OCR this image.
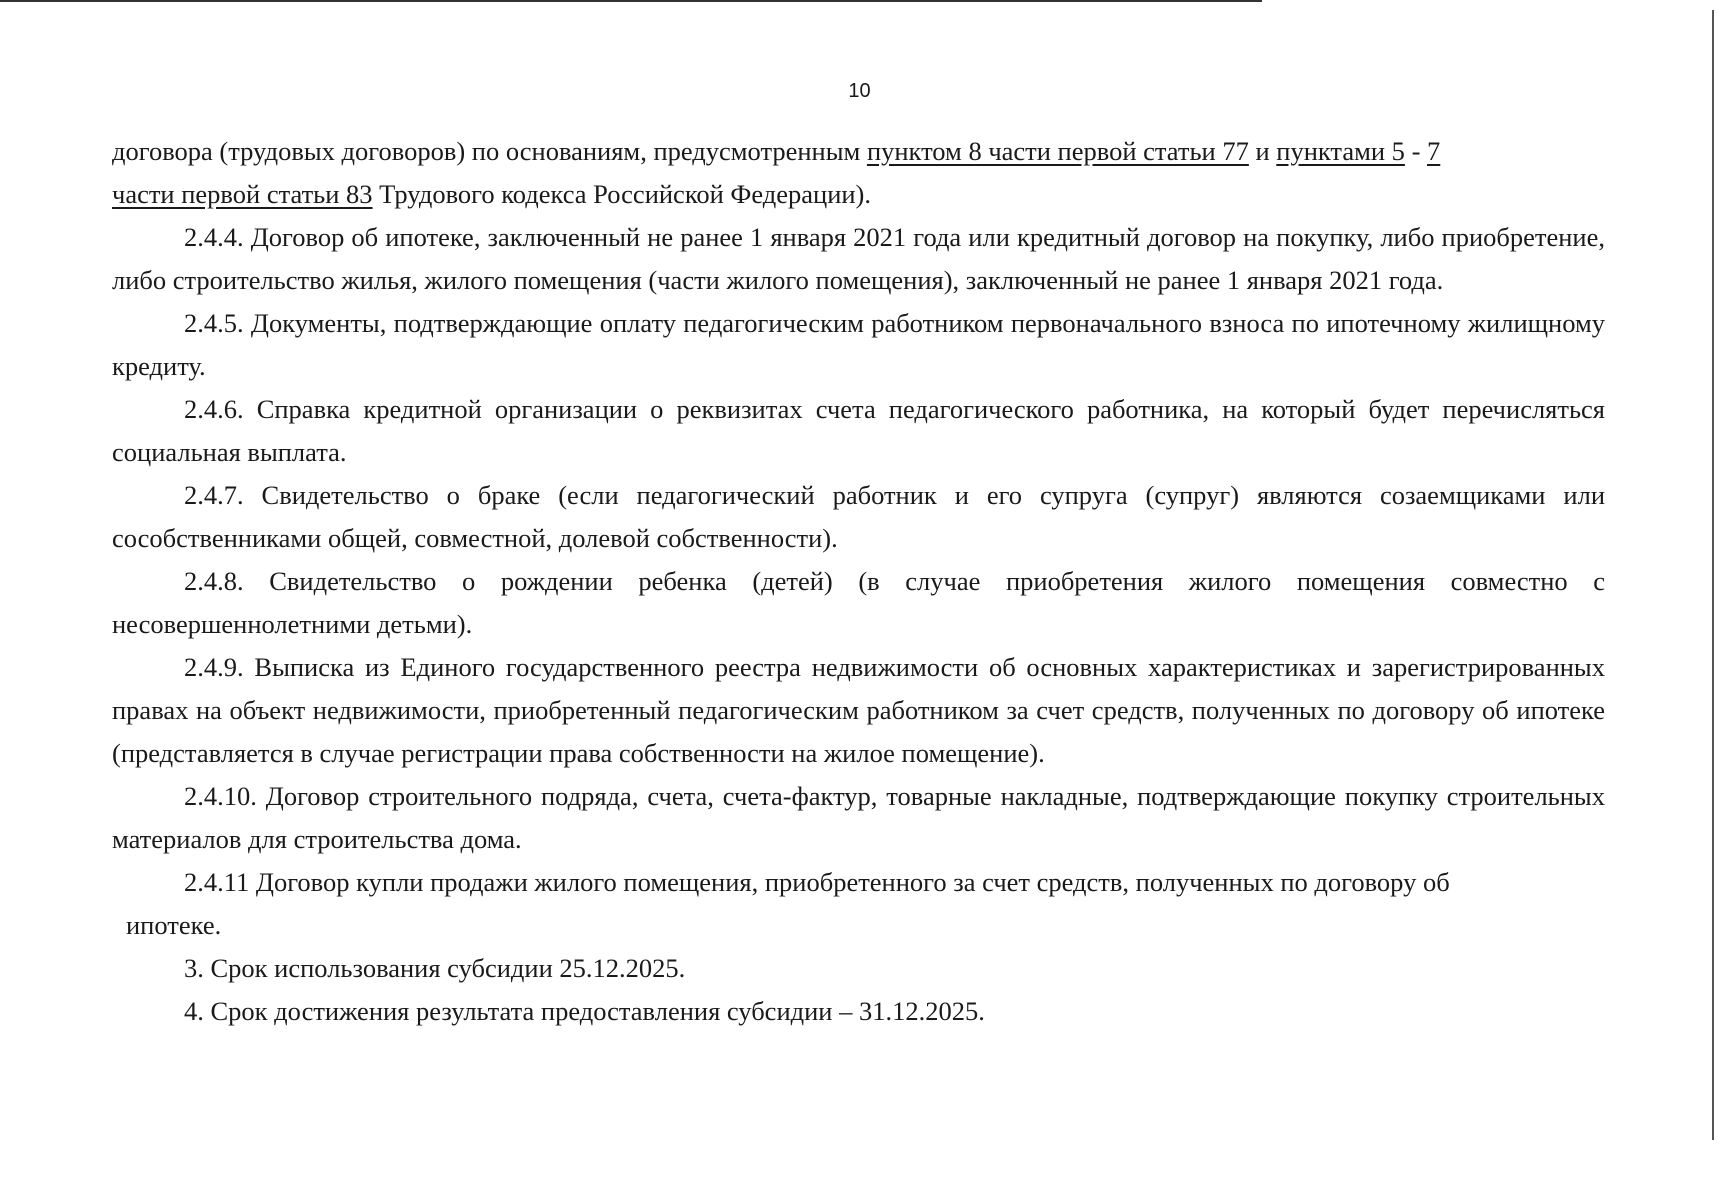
10

договора (трудовых договоров) по основаниям, предусмотренным пунктом 8 части первой статьи 77 и пунктами 5 - 7
части первой статьи 83 Трудового кодекса Российской Федерации).

2.4.4. Договор об ипотеке, заключенный не ранее 1 января 2021 года или кредитный договор на покупку, либо приобретение, либо строительство жилья, жилого помещения (части жилого помещения), заключенный не ранее 1 января 2021 года.

2.4.5. Документы, подтверждающие оплату педагогическим работником первоначального взноса по ипотечному жилищному кредиту.

2.4.6. Справка кредитной организации о реквизитах счета педагогического работника, на который будет перечисляться социальная выплата.

2.4.7. Свидетельство о браке (если педагогический работник и его супруга (супруг) являются созаемщиками или сособственниками общей, совместной, долевой собственности).

2.4.8. Свидетельство о рождении ребенка (детей) (в случае приобретения жилого помещения совместно с несовершеннолетними детьми).

2.4.9. Выписка из Единого государственного реестра недвижимости об основных характеристиках и зарегистрированных правах на объект недвижимости, приобретенный педагогическим работником за счет средств, полученных по договору об ипотеке (представляется в случае регистрации права собственности на жилое помещение).

2.4.10. Договор строительного подряда, счета, счета-фактур, товарные накладные, подтверждающие покупку строительных материалов для строительства дома.

2.4.11 Договор купли продажи жилого помещения, приобретенного за счет средств, полученных по договору об

ипотеке.

3. Срок использования субсидии 25.12.2025.

4. Срок достижения результата предоставления субсидии – 31.12.2025.
